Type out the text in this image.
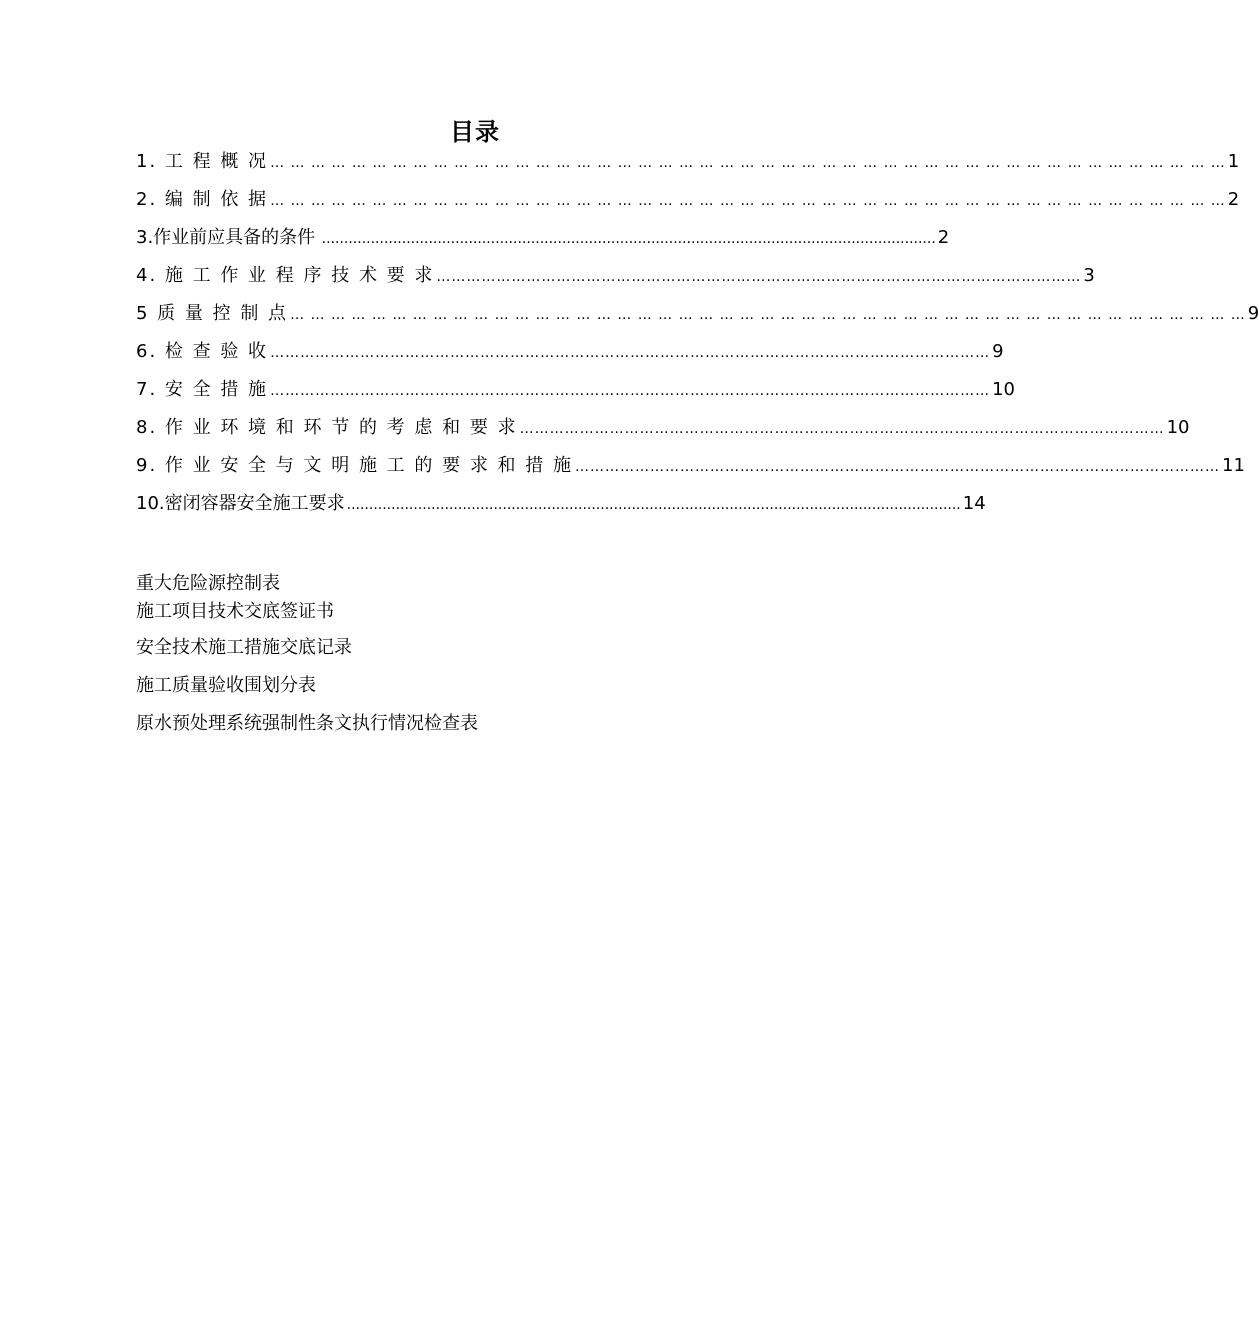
目录
1. 工 程 概 况 … … … … … … … … … … … … … … … … … … … … … … … … … … … … … … … … … … … … … … … … … … … … … … … 1
2. 编 制 依 据 … … … … … … … … … … … … … … … … … … … … … … … … … … … … … … … … … … … … … … … … … … … … … … … 2
3.作业前应具备的条件 .......................................................................................................................................... 2
4. 施 工 作 业 程 序 技 术 要 求 ………………………………………………………………………………………………………………… 3
5 质 量 控 制 点 … … … … … … … … … … … … … … … … … … … … … … … … … … … … … … … … … … … … … … … … … … … … … … … 9
6. 检 查 验 收 ……………………………………………………………………………………………………………………………… 9
7. 安 全 措 施 ……………………………………………………………………………………………………………………………… 10
8. 作 业 环 境 和 环 节 的 考 虑 和 要 求 ………………………………………………………………………………………………………………… 10
9. 作 业 安 全 与 文 明 施 工 的 要 求 和 措 施 ………………………………………………………………………………………………………………… 11
10.密闭容器安全施工要求 .......................................................................................................................................... 14
重大危险源控制表
施工项目技术交底签证书
安全技术施工措施交底记录
施工质量验收围划分表
原水预处理系统强制性条文执行情况检查表
